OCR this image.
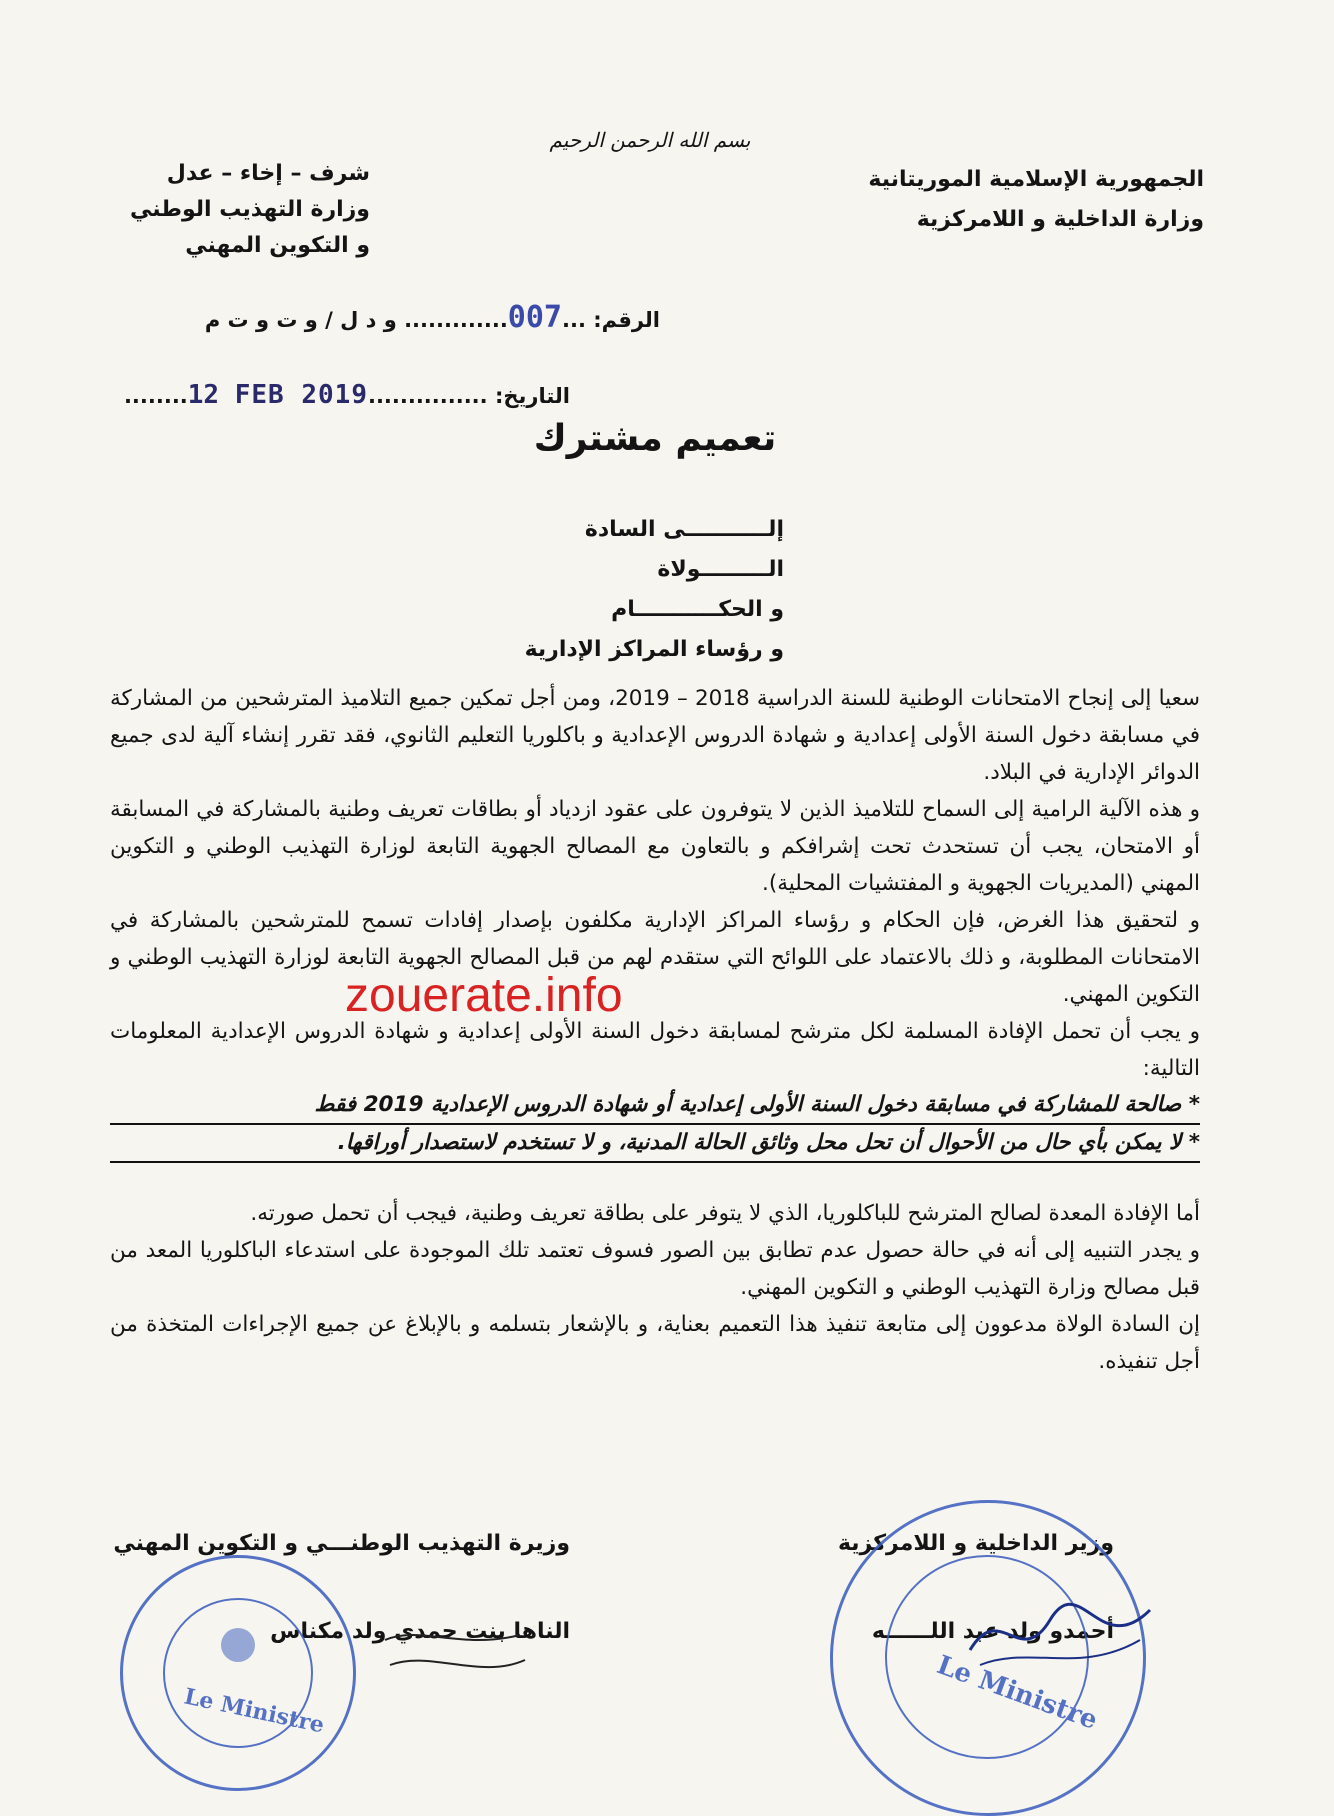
بسم الله الرحمن الرحيم
الجمهورية الإسلامية الموريتانية
وزارة الداخلية و اللامركزية
شرف – إخاء – عدل
وزارة التهذيب الوطني
و التكوين المهني
الرقم: ...007............. و د ل / و ت و ت م
التاريخ: ...............12 FEB 2019........
تعميم مشترك
إلـــــــــــى السادة
الـــــــــولاة
و الحكـــــــــــام
و رؤساء المراكز الإدارية

سعيا إلى إنجاح الامتحانات الوطنية للسنة الدراسية 2018 – 2019، ومن أجل تمكين جميع التلاميذ المترشحين من المشاركة في مسابقة دخول السنة الأولى إعدادية و شهادة الدروس الإعدادية و باكلوريا التعليم الثانوي، فقد تقرر إنشاء آلية لدى جميع الدوائر الإدارية في البلاد.

و هذه الآلية الرامية إلى السماح للتلاميذ الذين لا يتوفرون على عقود ازدياد أو بطاقات تعريف وطنية بالمشاركة في المسابقة أو الامتحان، يجب أن تستحدث تحت إشرافكم و بالتعاون مع المصالح الجهوية التابعة لوزارة التهذيب الوطني و التكوين المهني (المديريات الجهوية و المفتشيات المحلية).

و لتحقيق هذا الغرض، فإن الحكام و رؤساء المراكز الإدارية مكلفون بإصدار إفادات تسمح للمترشحين بالمشاركة في الامتحانات المطلوبة، و ذلك بالاعتماد على اللوائح التي ستقدم لهم من قبل المصالح الجهوية التابعة لوزارة التهذيب الوطني و التكوين المهني.

و يجب أن تحمل الإفادة المسلمة لكل مترشح لمسابقة دخول السنة الأولى إعدادية و شهادة الدروس الإعدادية المعلومات التالية:

* صالحة للمشاركة في مسابقة دخول السنة الأولى إعدادية أو شهادة الدروس الإعدادية 2019 فقط

* لا يمكن بأي حال من الأحوال أن تحل محل وثائق الحالة المدنية، و لا تستخدم لاستصدار أوراقها.

أما الإفادة المعدة لصالح المترشح للباكلوريا، الذي لا يتوفر على بطاقة تعريف وطنية، فيجب أن تحمل صورته.

و يجدر التنبيه إلى أنه في حالة حصول عدم تطابق بين الصور فسوف تعتمد تلك الموجودة على استدعاء الباكلوريا المعد من قبل مصالح وزارة التهذيب الوطني و التكوين المهني.

إن السادة الولاة مدعوون إلى متابعة تنفيذ هذا التعميم بعناية، و بالإشعار بتسلمه و بالإبلاغ عن جميع الإجراءات المتخذة من أجل تنفيذه.

zouerate.info
وزير الداخلية و اللامركزية
أحمدو ولد عبد اللــــــه
وزيرة التهذيب الوطنـــي و التكوين المهني
الناها بنت حمدي ولد مكناس
Le Ministre	Le Ministre
